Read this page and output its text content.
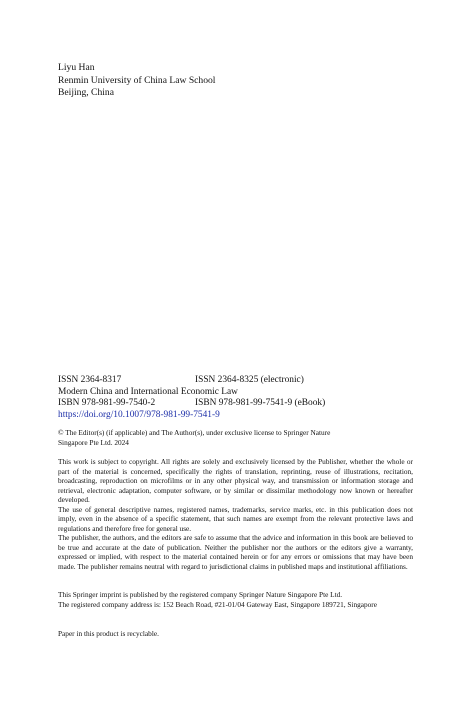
Liyu Han
Renmin University of China Law School
Beijing, China
ISSN 2364-8317	ISSN 2364-8325 (electronic)
Modern China and International Economic Law
ISBN 978-981-99-7540-2	ISBN 978-981-99-7541-9 (eBook)
https://doi.org/10.1007/978-981-99-7541-9
© The Editor(s) (if applicable) and The Author(s), under exclusive license to Springer Nature
Singapore Pte Ltd. 2024

This work is subject to copyright. All rights are solely and exclusively licensed by the Publisher, whether the whole or part of the material is concerned, specifically the rights of translation, reprinting, reuse of illustrations, recitation, broadcasting, reproduction on microfilms or in any other physical way, and transmission or information storage and retrieval, electronic adaptation, computer software, or by similar or dissimilar methodology now known or hereafter developed.

The use of general descriptive names, registered names, trademarks, service marks, etc. in this publication does not imply, even in the absence of a specific statement, that such names are exempt from the relevant protective laws and regulations and therefore free for general use.

The publisher, the authors, and the editors are safe to assume that the advice and information in this book are believed to be true and accurate at the date of publication. Neither the publisher nor the authors or the editors give a warranty, expressed or implied, with respect to the material contained herein or for any errors or omissions that may have been made. The publisher remains neutral with regard to jurisdictional claims in published maps and institutional affiliations.

This Springer imprint is published by the registered company Springer Nature Singapore Pte Ltd.

The registered company address is: 152 Beach Road, #21-01/04 Gateway East, Singapore 189721, Singapore

Paper in this product is recyclable.
